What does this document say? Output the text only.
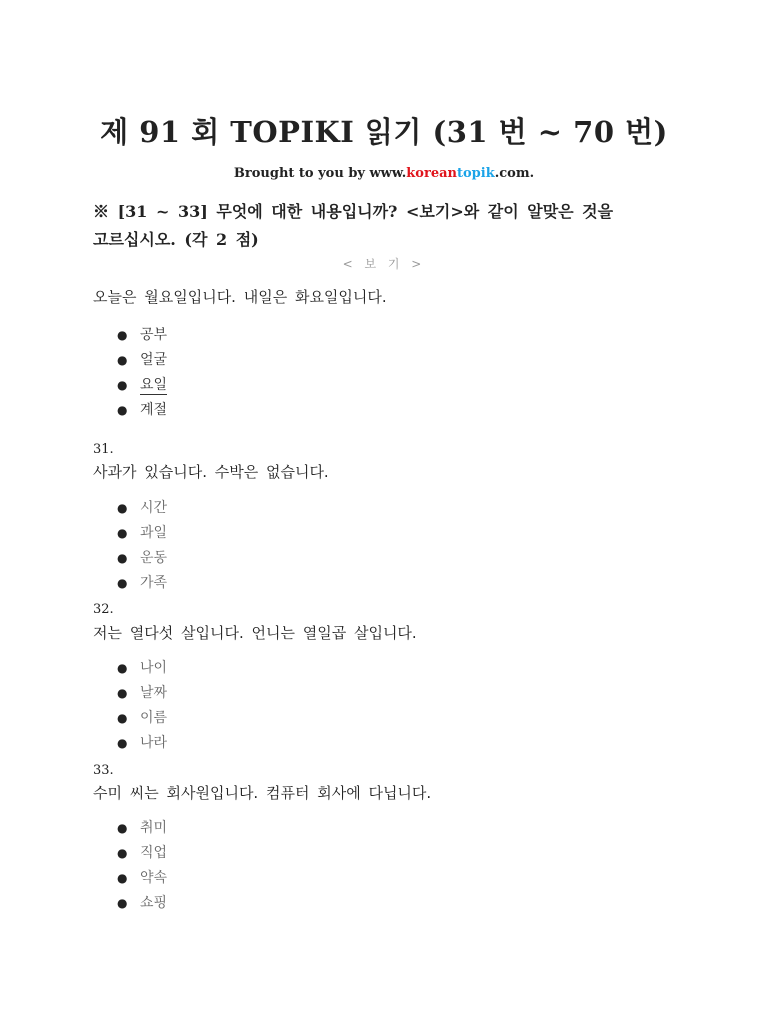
제 91 회 TOPIKⅠ 읽기 (31 번 ~ 70 번)
Brought to you by www.koreantopik.com.
※ [31 ~ 33] 무엇에 대한 내용입니까? <보기>와 같이 알맞은 것을
고르십시오. (각 2 점)
< 보 기 >
오늘은 월요일입니다. 내일은 화요일입니다.
● 공부
● 얼굴
● 요일
● 계절
31.
사과가 있습니다. 수박은 없습니다.
● 시간
● 과일
● 운동
● 가족
32.
저는 열다섯 살입니다. 언니는 열일곱 살입니다.
● 나이
● 날짜
● 이름
● 나라
33.
수미 씨는 회사원입니다. 컴퓨터 회사에 다닙니다.
● 취미
● 직업
● 약속
● 쇼핑
